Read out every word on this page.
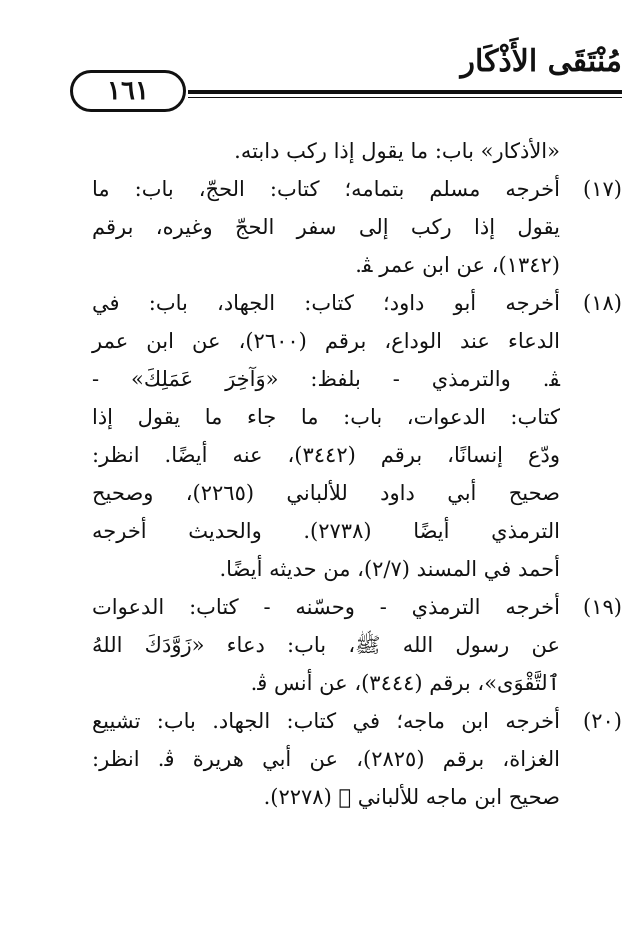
مُنْتَقَى الأَذْكَار
١٦١
«الأذكار» باب: ما يقول إذا ركب دابته.
(١٧)
أخرجه مسلم بتمامه؛ كتاب: الحجّ، باب: ما
يقول إذا ركب إلى سفر الحجّ وغيره، برقم
(١٣٤٢)، عن ابن عمر ﭭ.
(١٨)
أخرجه أبو داود؛ كتاب: الجهاد، باب: في
الدعاء عند الوداع، برقم (٢٦٠٠)، عن ابن عمر
ﭭ. والترمذي - بلفظ: «وَآخِرَ عَمَلِكَ» -
كتاب: الدعوات، باب: ما جاء ما يقول إذا
ودّع إنسانًا، برقم (٣٤٤٢)، عنه أيضًا. انظر:
صحيح أبي داود للألباني (٢٢٦٥)، وصحيح
الترمذي أيضًا (٢٧٣٨). والحديث أخرجه
أحمد في المسند (٢/٧)، من حديثه أيضًا.
(١٩)
أخرجه الترمذي - وحسّنه - كتاب: الدعوات
عن رسول الله ﷺ، باب: دعاء «زَوَّدَكَ اللهُ
ٱلتَّقْوَى»، برقم (٣٤٤٤)، عن أنس ﭬ.
(٢٠)
أخرجه ابن ماجه؛ في كتاب: الجهاد. باب: تشييع
الغزاة، برقم (٢٨٢٥)، عن أبي هريرة ﭬ. انظر:
صحيح ابن ماجه للألباني ﷬ (٢٢٧٨).
